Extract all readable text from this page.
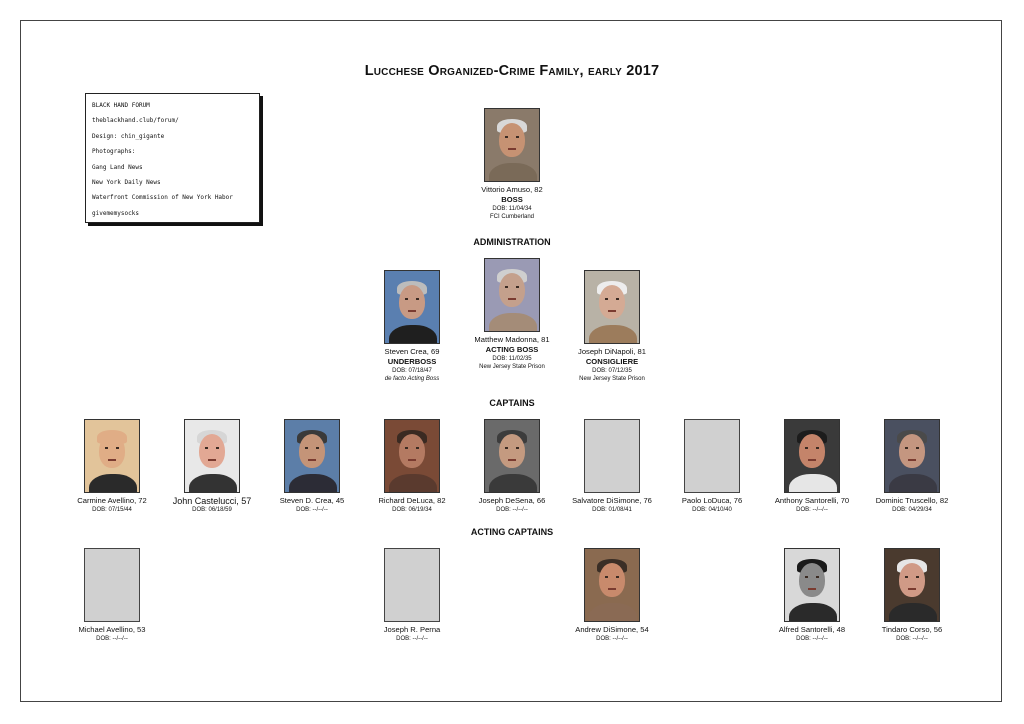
Lucchese Organized-Crime Family, early 2017
BLACK HAND FORUM
theblackhand.club/forum/
Design: chin_gigante
Photographs:
Gang Land News
New York Daily News
Waterfront Commission of New York Habor
givememysocks
Vittorio Amuso, 82
BOSS
DOB: 11/04/34
FCI Cumberland
ADMINISTRATION
Steven Crea, 69
UNDERBOSS
DOB: 07/18/47
de facto Acting Boss
Matthew Madonna, 81
ACTING BOSS
DOB: 11/02/35
New Jersey State Prison
Joseph DiNapoli, 81
CONSIGLIERE
DOB: 07/12/35
New Jersey State Prison
CAPTAINS
Carmine Avellino, 72
DOB: 07/15/44
John Castelucci, 57
DOB: 06/18/59
Steven D. Crea, 45
DOB: --/--/--
Richard DeLuca, 82
DOB: 06/19/34
Joseph DeSena, 66
DOB: --/--/--
Salvatore DiSimone, 76
DOB: 01/08/41
Paolo LoDuca, 76
DOB: 04/10/40
Anthony Santorelli, 70
DOB: --/--/--
Dominic Truscello, 82
DOB: 04/29/34
ACTING CAPTAINS
Michael Avellino, 53
DOB: --/--/--
Joseph R. Perna
DOB: --/--/--
Andrew DiSimone, 54
DOB: --/--/--
Alfred Santorelli, 48
DOB: --/--/--
Tindaro Corso, 56
DOB: --/--/--
